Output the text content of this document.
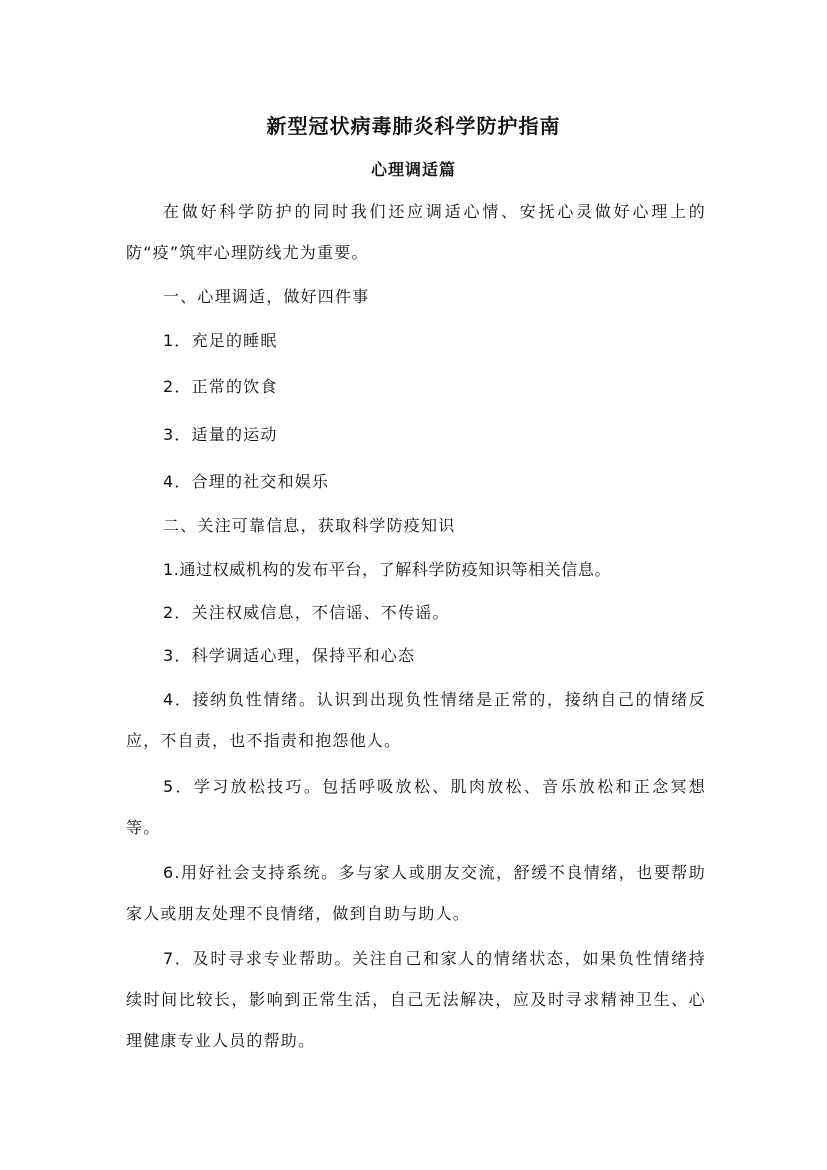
新型冠状病毒肺炎科学防护指南
心理调适篇

在做好科学防护的同时我们还应调适心情、安抚心灵做好心理上的防“疫”筑牢心理防线尤为重要。

一、心理调适，做好四件事

1．充足的睡眠

2．正常的饮食

3．适量的运动

4．合理的社交和娱乐

二、关注可靠信息，获取科学防疫知识

1.通过权威机构的发布平台，了解科学防疫知识等相关信息。

2．关注权威信息，不信谣、不传谣。

3．科学调适心理，保持平和心态

4．接纳负性情绪。认识到出现负性情绪是正常的，接纳自己的情绪反应，不自责，也不指责和抱怨他人。

5．学习放松技巧。包括呼吸放松、肌肉放松、音乐放松和正念冥想等。

6.用好社会支持系统。多与家人或朋友交流，舒缓不良情绪，也要帮助家人或朋友处理不良情绪，做到自助与助人。

7．及时寻求专业帮助。关注自己和家人的情绪状态，如果负性情绪持续时间比较长，影响到正常生活，自己无法解决，应及时寻求精神卫生、心理健康专业人员的帮助。
